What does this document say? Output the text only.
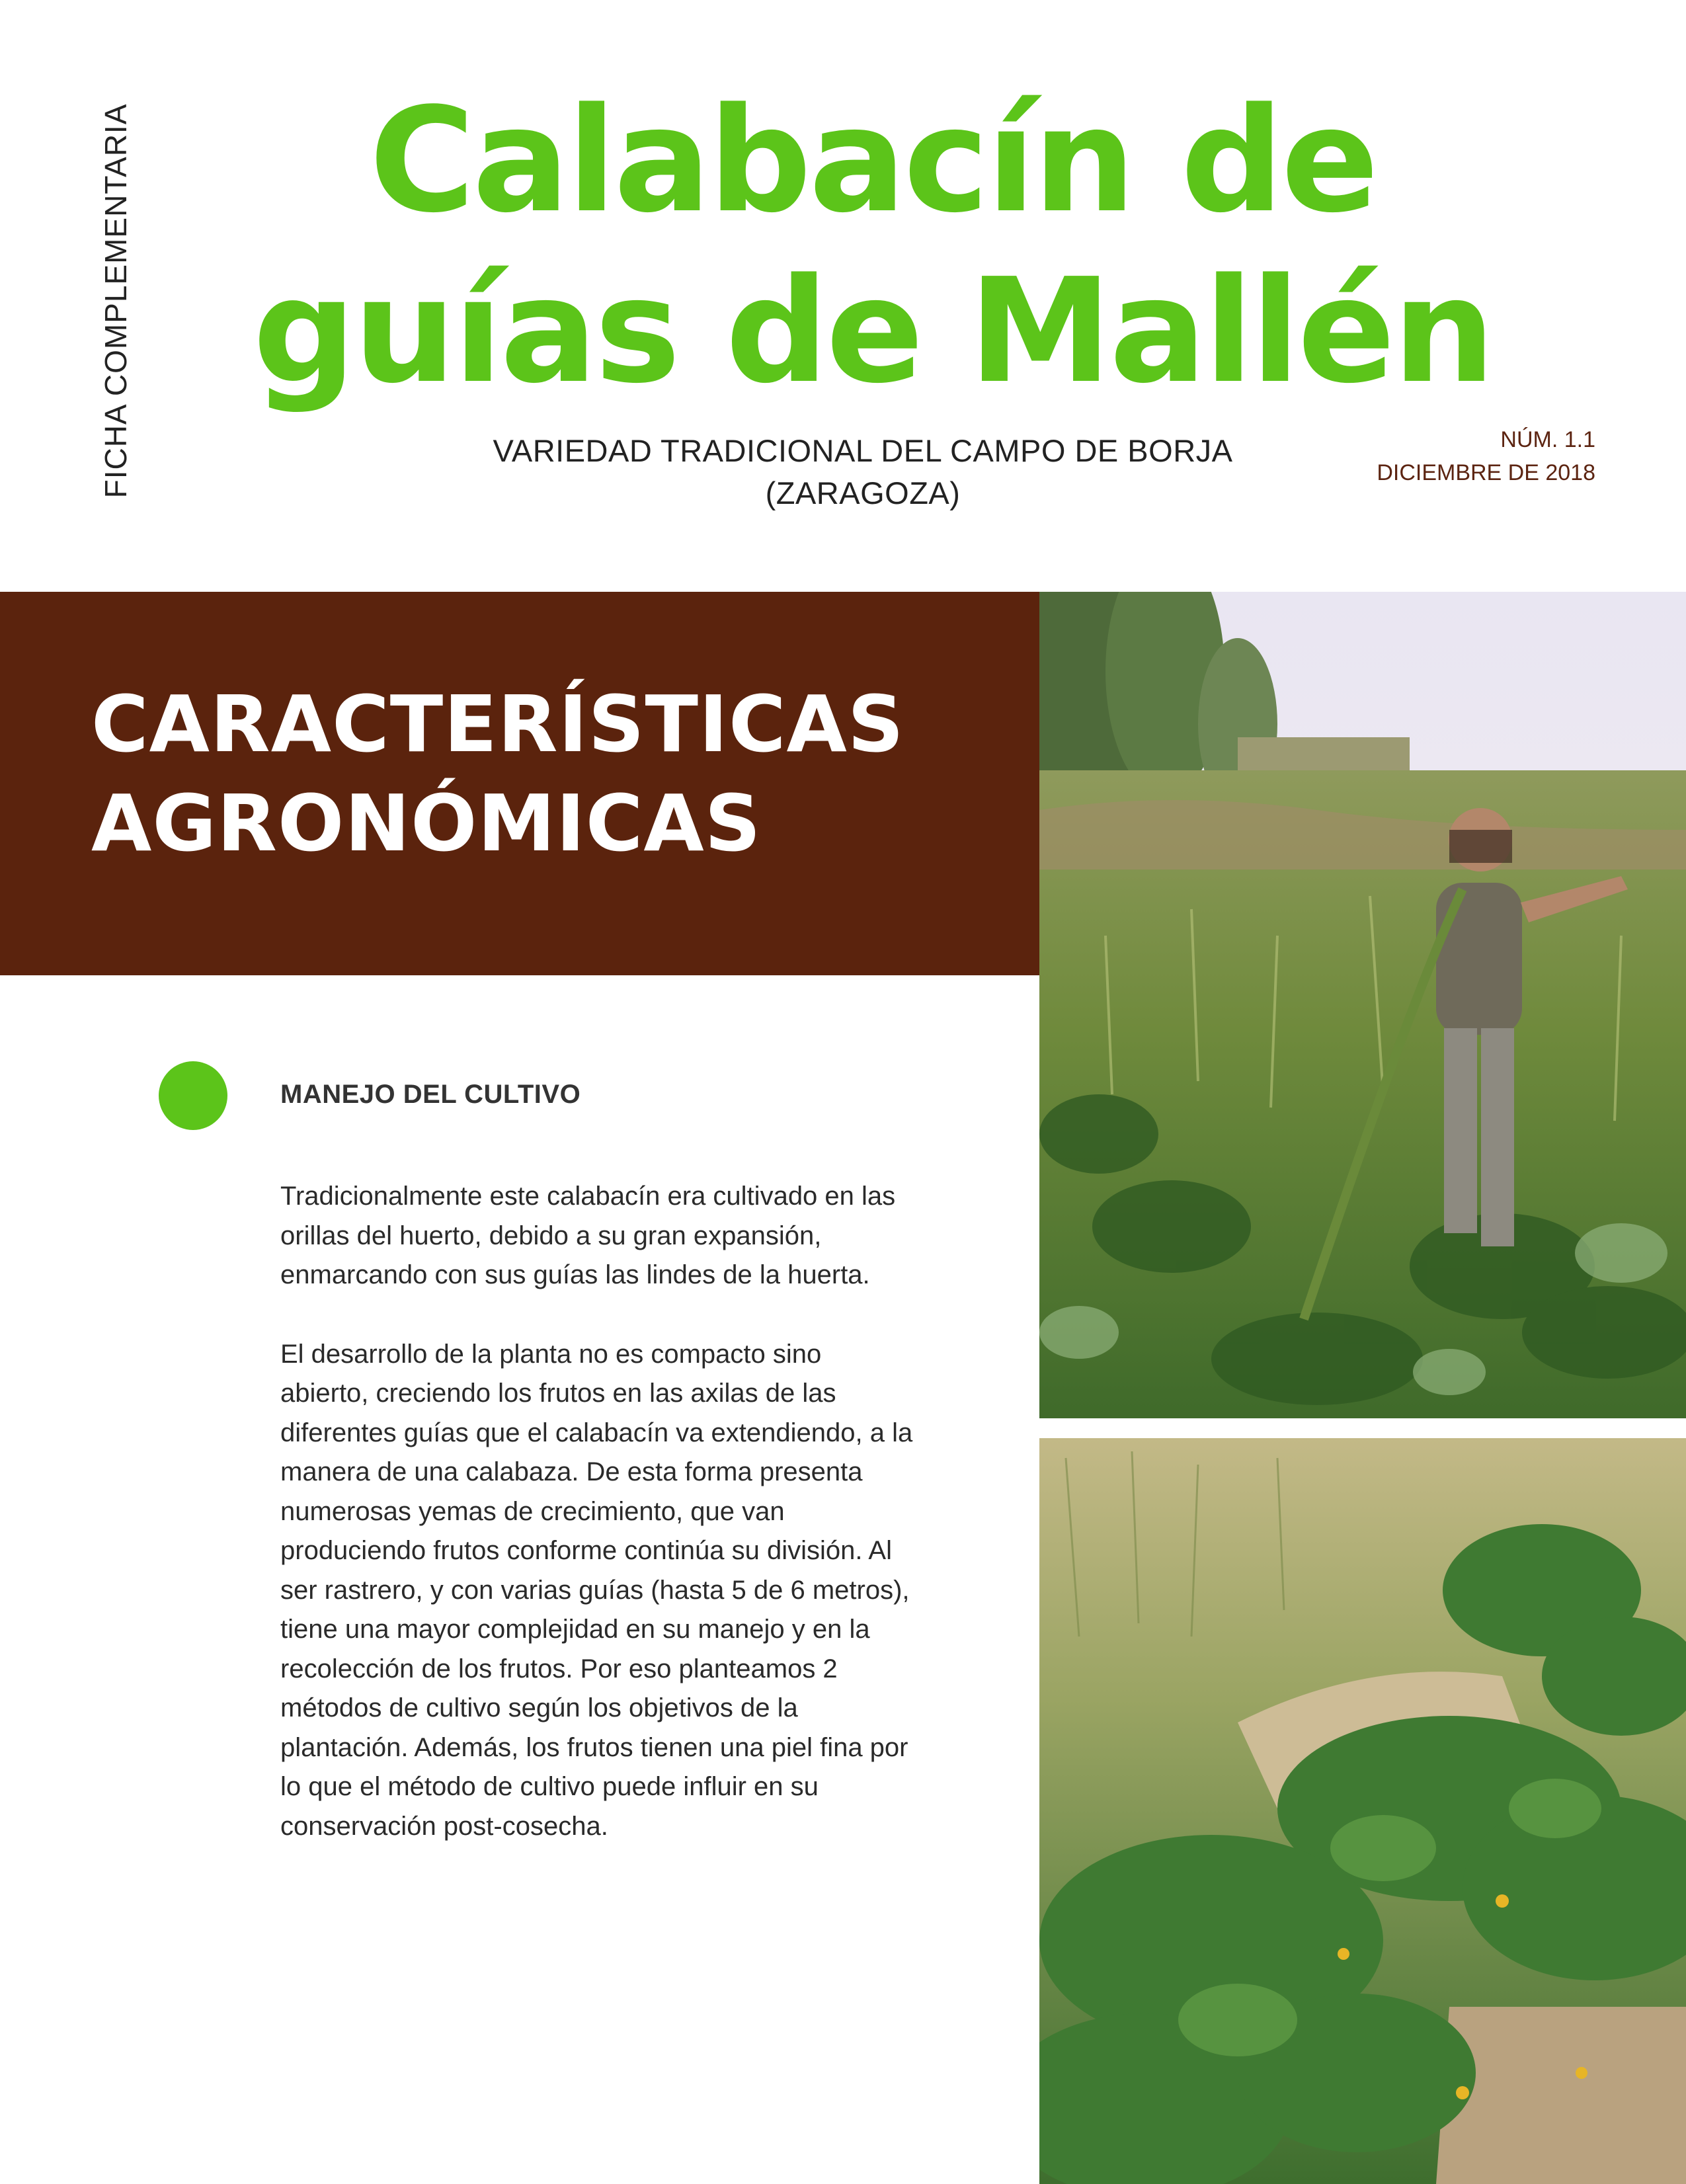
FICHA COMPLEMENTARIA	Calabacín de
guías de Mallén
VARIEDAD TRADICIONAL DEL CAMPO DE BORJA
(ZARAGOZA)
NÚM. 1.1
DICIEMBRE DE 2018
CARACTERÍSTICAS
AGRONÓMICAS
MANEJO DEL CULTIVO

Tradicionalmente este calabacín era cultivado en las orillas del huerto, debido a su gran expansión, enmarcando con sus guías las lindes de la huerta.

El desarrollo de la planta no es compacto sino abierto, creciendo los frutos en las axilas de las diferentes guías que el calabacín va extendiendo, a la manera de una calabaza. De esta forma presenta numerosas yemas de crecimiento, que van produciendo frutos conforme continúa su división. Al ser rastrero, y con varias guías (hasta 5 de 6 metros), tiene una mayor complejidad en su manejo y en la recolección de los frutos. Por eso planteamos 2 métodos de cultivo según los objetivos de la plantación. Además, los frutos tienen una piel fina por lo que el método de cultivo puede influir en su conservación post-cosecha.
